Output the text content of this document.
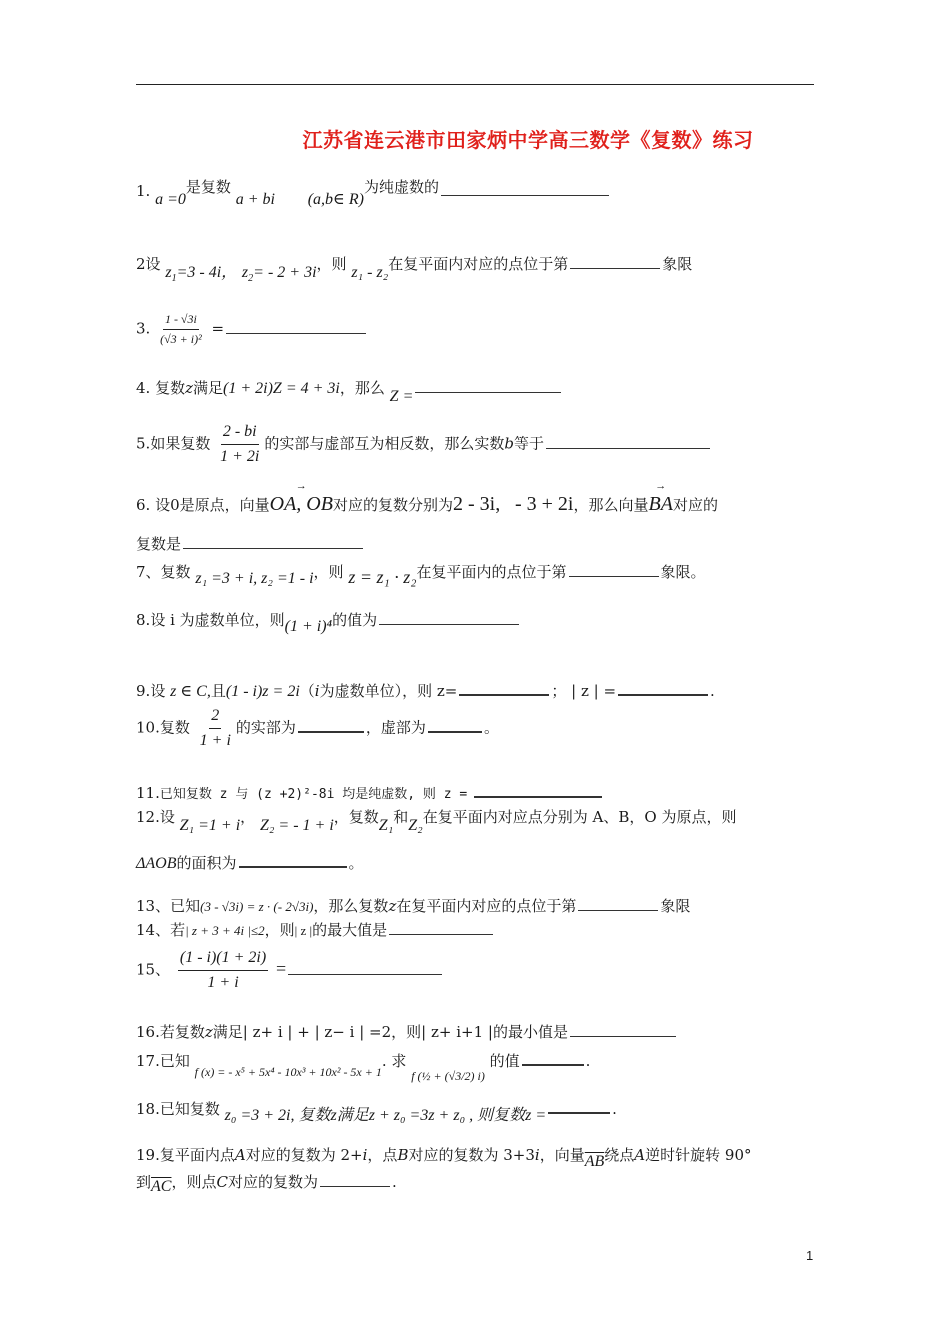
江苏省连云港市田家炳中学高三数学《复数》练习
1. a =0是复数 a + bi (a,b∈ R)为纯虚数的
2设 $z_1=3 - 4i$， $z_2= - 2 + 3i$，则 z₁ - z₂在复平面内对应的点位于第	象限
3. $\frac{1 - √3i}{\text{(√3 + i)²}}$ =
4. 复数z满足(1 + 2i)Z = 4 + 3i，那么 Z =
5.如果复数 $\frac{2 - bi}{1 + 2i}$ 的实部与虚部互为相反数，那么实数b等于
6. 设0是原点，向量→ OA, OB对应的复数分别为2 - 3i, - 3 + 2i，那么向量→ BA对应的
复数是
7、复数 z₁ =3 + i, z₂ =1 - i，则 z = z₁ · z₂在复平面内的点位于第	象限。
8.设 i 为虚数单位，则(1 + i)⁴的值为
9.设 z ∈ C,且(1 - i)z = 2i（i为虚数单位），则 z=	； | z | =	.
10.复数 $\frac{2}{1 + i}$ 的实部为	，虚部为	。
11.已知复数 z 与 (z +2)²-8i 均是纯虚数, 则 z =
12.设 Z₁ =1 + i， Z₂ = - 1 + i，复数Z₁和Z₂在复平面内对应点分别为 A、B，O 为原点，则
ΔAOB的面积为	。
13、已知(3 - √3i) = z · (- 2√3i)，那么复数z在复平面内对应的点位于第	象限
14、若| z + 3 + 4i |≤2，则| z |的最大值是
15、 $\frac{(1 - i)(1 + 2i)}{1 + i}$ =
16.若复数z满足| z+ i | + | z− i | =2，则| z+ i+1 |的最小值是
17.已知 $_{f (x) = - x^5 + 5x^4 - 10x^3 + 10x^2 - 5x + 1}$. 求 $_{f (\frac{1}{2} + (√3/2) i)}$ 的值	.
18.已知复数 z₀ =3 + 2i, 复数z满足z + z₀ =3z + z₀ , 则复数z =	.
19.复平面内点A对应的复数为 2+i，点B对应的复数为 3+3i，向量$\overline{AB}$绕点A逆时针旋转 90°
到$\overline{AC}$，则点C对应的复数为	.
1
